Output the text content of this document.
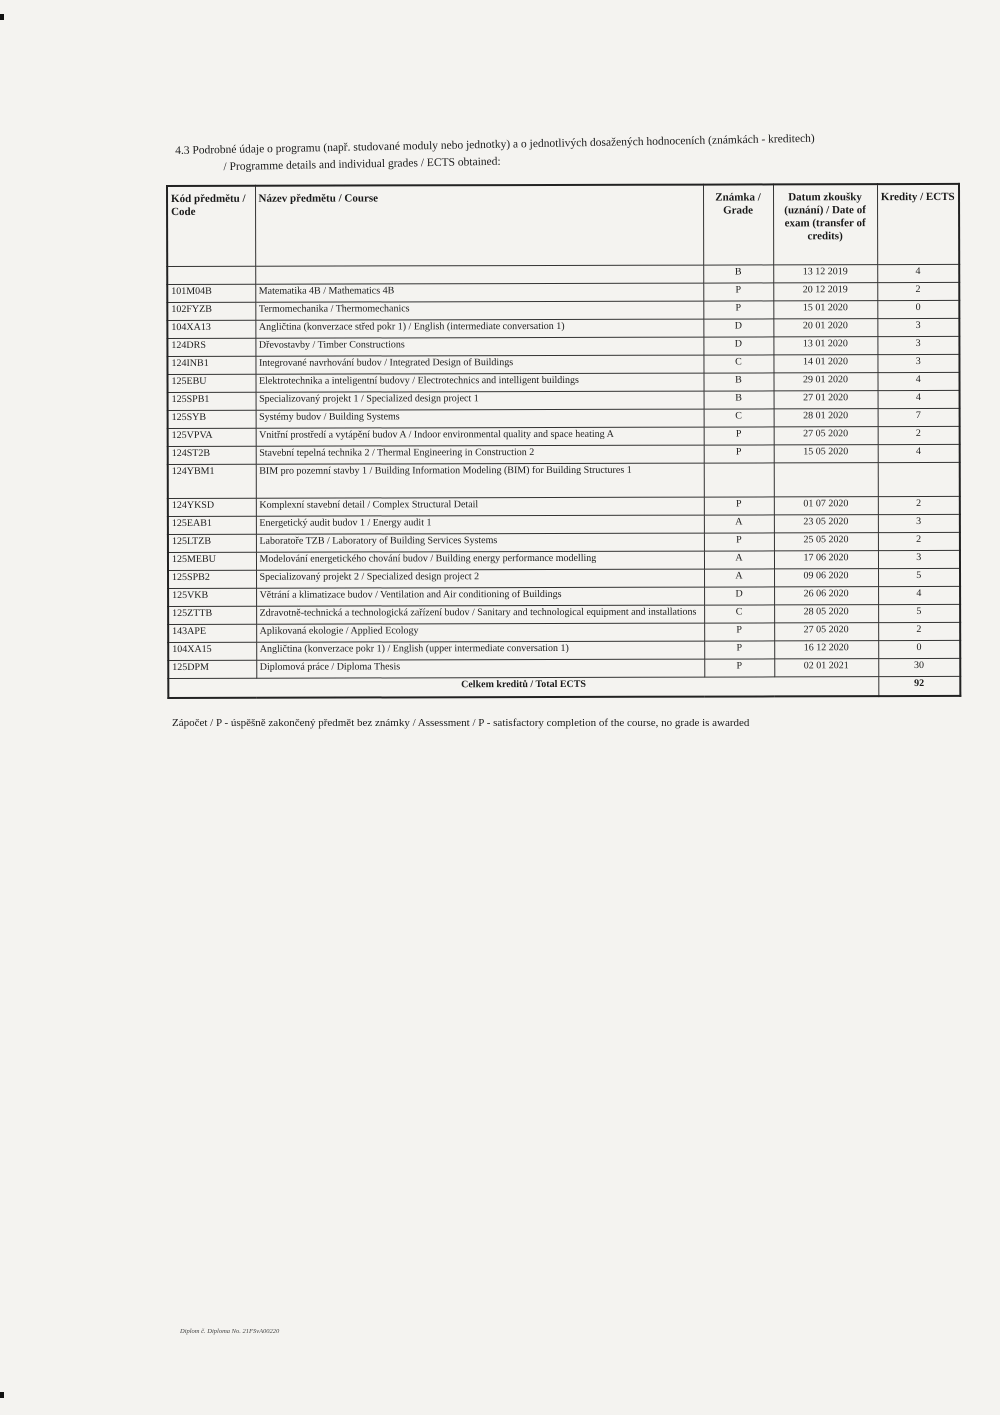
4.3 Podrobné údaje o programu (např. studované moduly nebo jednotky) a o jednotlivých dosažených hodnoceních (známkách - kreditech)
/ Programme details and individual grades / ECTS obtained:
Kód předmětu / Code	Název předmětu / Course	Známka / Grade	Datum zkoušky (uznání) / Date of exam (transfer of credits)	Kredity / ECTS
		B	13 12 2019	4
101M04B	Matematika 4B / Mathematics 4B	P	20 12 2019	2
102FYZB	Termomechanika / Thermomechanics	P	15 01 2020	0
104XA13	Angličtina (konverzace střed pokr 1) / English (intermediate conversation 1)	D	20 01 2020	3
124DRS	Dřevostavby / Timber Constructions	D	13 01 2020	3
124INB1	Integrované navrhování budov / Integrated Design of Buildings	C	14 01 2020	3
125EBU	Elektrotechnika a inteligentní budovy / Electrotechnics and intelligent buildings	B	29 01 2020	4
125SPB1	Specializovaný projekt 1 / Specialized design project 1	B	27 01 2020	4
125SYB	Systémy budov / Building Systems	C	28 01 2020	7
125VPVA	Vnitřní prostředí a vytápění budov A / Indoor environmental quality and space heating A	P	27 05 2020	2
124ST2B	Stavební tepelná technika 2 / Thermal Engineering in Construction 2	P	15 05 2020	4
124YBM1	BIM pro pozemní stavby 1 / Building Information Modeling (BIM) for Building Structures 1			
124YKSD	Komplexní stavební detail / Complex Structural Detail	P	01 07 2020	2
125EAB1	Energetický audit budov 1 / Energy audit 1	A	23 05 2020	3
125LTZB	Laboratoře TZB / Laboratory of Building Services Systems	P	25 05 2020	2
125MEBU	Modelování energetického chování budov / Building energy performance modelling	A	17 06 2020	3
125SPB2	Specializovaný projekt 2 / Specialized design project 2	A	09 06 2020	5
125VKB	Větrání a klimatizace budov / Ventilation and Air conditioning of Buildings	D	26 06 2020	4
125ZTTB	Zdravotně-technická a technologická zařízení budov / Sanitary and technological equipment and installations	C	28 05 2020	5
143APE	Aplikovaná ekologie / Applied Ecology	P	27 05 2020	2
104XA15	Angličtina (konverzace pokr 1) / English (upper intermediate conversation 1)	P	16 12 2020	0
125DPM	Diplomová práce / Diploma Thesis	P	02 01 2021	30
Celkem kreditů / Total ECTS				92
Zápočet / P - úspěšně zakončený předmět bez známky / Assessment / P - satisfactory completion of the course, no grade is awarded
Diplom č. Diploma No. 21FSvA00220
